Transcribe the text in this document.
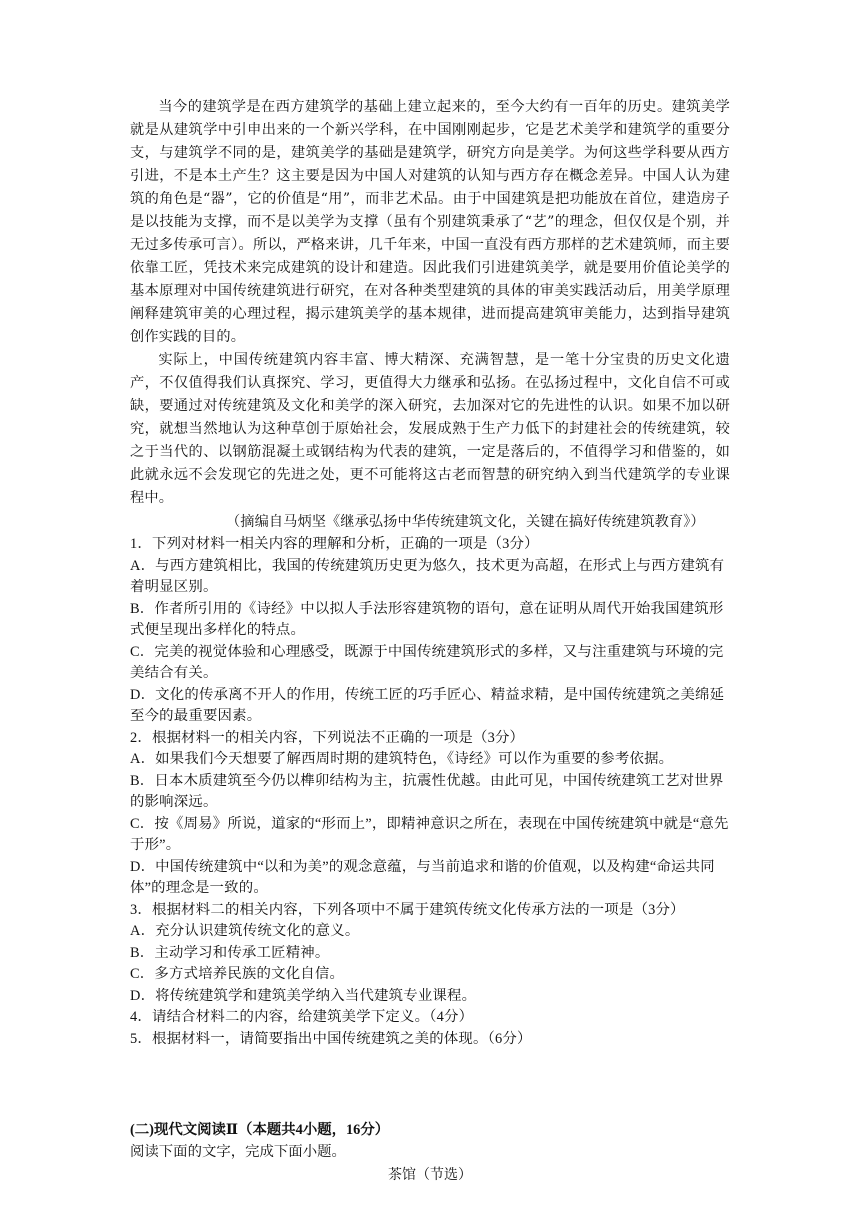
当今的建筑学是在西方建筑学的基础上建立起来的，至今大约有一百年的历史。建筑美学就是从建筑学中引申出来的一个新兴学科，在中国刚刚起步，它是艺术美学和建筑学的重要分支，与建筑学不同的是，建筑美学的基础是建筑学，研究方向是美学。为何这些学科要从西方引进，不是本土产生？这主要是因为中国人对建筑的认知与西方存在概念差异。中国人认为建筑的角色是“器”，它的价值是“用”，而非艺术品。由于中国建筑是把功能放在首位，建造房子是以技能为支撑，而不是以美学为支撑（虽有个别建筑秉承了“艺”的理念，但仅仅是个别，并无过多传承可言）。所以，严格来讲，几千年来，中国一直没有西方那样的艺术建筑师，而主要依靠工匠，凭技术来完成建筑的设计和建造。因此我们引进建筑美学，就是要用价值论美学的基本原理对中国传统建筑进行研究，在对各种类型建筑的具体的审美实践活动后，用美学原理阐释建筑审美的心理过程，揭示建筑美学的基本规律，进而提高建筑审美能力，达到指导建筑创作实践的目的。

实际上，中国传统建筑内容丰富、博大精深、充满智慧，是一笔十分宝贵的历史文化遗产，不仅值得我们认真探究、学习，更值得大力继承和弘扬。在弘扬过程中，文化自信不可或缺，要通过对传统建筑及文化和美学的深入研究，去加深对它的先进性的认识。如果不加以研究，就想当然地认为这种草创于原始社会，发展成熟于生产力低下的封建社会的传统建筑，较之于当代的、以钢筋混凝土或钢结构为代表的建筑，一定是落后的，不值得学习和借鉴的，如此就永远不会发现它的先进之处，更不可能将这古老而智慧的研究纳入到当代建筑学的专业课程中。

（摘编自马炳坚《继承弘扬中华传统建筑文化，关键在搞好传统建筑教育》）

1．下列对材料一相关内容的理解和分析，正确的一项是（3分）

A．与西方建筑相比，我国的传统建筑历史更为悠久，技术更为高超，在形式上与西方建筑有着明显区别。

B．作者所引用的《诗经》中以拟人手法形容建筑物的语句，意在证明从周代开始我国建筑形式便呈现出多样化的特点。

C．完美的视觉体验和心理感受，既源于中国传统建筑形式的多样，又与注重建筑与环境的完美结合有关。

D．文化的传承离不开人的作用，传统工匠的巧手匠心、精益求精，是中国传统建筑之美绵延至今的最重要因素。

2．根据材料一的相关内容，下列说法不正确的一项是（3分）

A．如果我们今天想要了解西周时期的建筑特色，《诗经》可以作为重要的参考依据。

B．日本木质建筑至今仍以榫卯结构为主，抗震性优越。由此可见，中国传统建筑工艺对世界的影响深远。

C．按《周易》所说，道家的“形而上”，即精神意识之所在，表现在中国传统建筑中就是“意先于形”。

D．中国传统建筑中“以和为美”的观念意蕴，与当前追求和谐的价值观，以及构建“命运共同体”的理念是一致的。

3．根据材料二的相关内容，下列各项中不属于建筑传统文化传承方法的一项是（3分）

A．充分认识建筑传统文化的意义。

B．主动学习和传承工匠精神。

C．多方式培养民族的文化自信。

D．将传统建筑学和建筑美学纳入当代建筑专业课程。

4．请结合材料二的内容，给建筑美学下定义。（4分）

5．根据材料一，请简要指出中国传统建筑之美的体现。（6分）

(二)现代文阅读Ⅱ（本题共4小题，16分）

阅读下面的文字，完成下面小题。

茶馆（节选）
